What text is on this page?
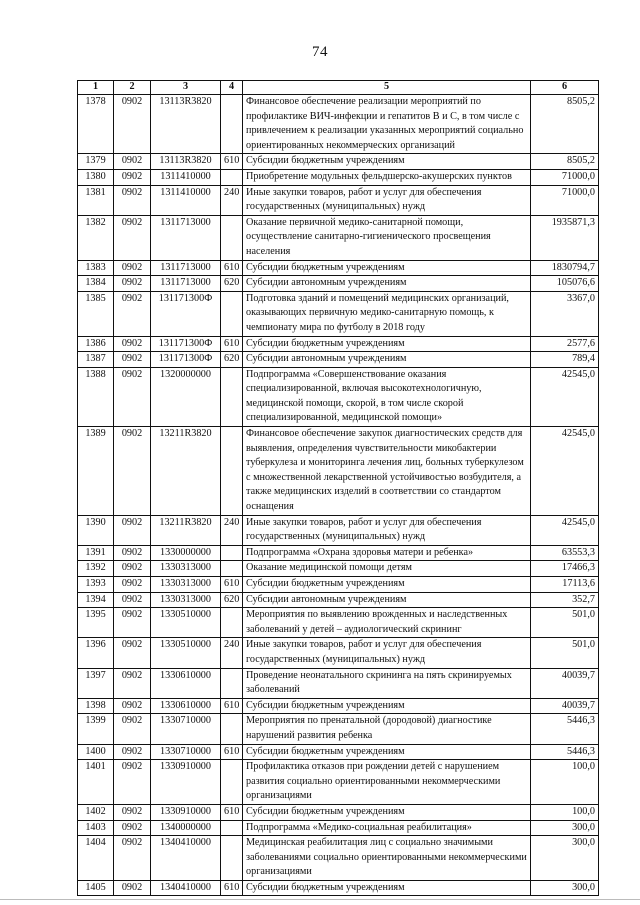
74
1	2	3	4	5	6
1378	0902	13113R3820		Финансовое обеспечение реализации мероприятий по профилактике ВИЧ-инфекции и гепатитов В и С, в том числе с привлечением к реализации указанных мероприятий социально ориентированных некоммерческих организаций	8505,2
1379	0902	13113R3820	610	Субсидии бюджетным учреждениям	8505,2
1380	0902	1311410000		Приобретение модульных фельдшерско-акушерских пунктов	71000,0
1381	0902	1311410000	240	Иные закупки товаров, работ и услуг для обеспечения государственных (муниципальных) нужд	71000,0
1382	0902	1311713000		Оказание первичной медико-санитарной помощи, осуществление санитарно-гигиенического просвещения населения	1935871,3
1383	0902	1311713000	610	Субсидии бюджетным учреждениям	1830794,7
1384	0902	1311713000	620	Субсидии автономным учреждениям	105076,6
1385	0902	131171300Ф		Подготовка зданий и помещений медицинских организаций, оказывающих первичную медико-санитарную помощь, к чемпионату мира по футболу в 2018 году	3367,0
1386	0902	131171300Ф	610	Субсидии бюджетным учреждениям	2577,6
1387	0902	131171300Ф	620	Субсидии автономным учреждениям	789,4
1388	0902	1320000000		Подпрограмма «Совершенствование оказания специализированной, включая высокотехнологичную, медицинской помощи, скорой, в том числе скорой специализированной, медицинской помощи»	42545,0
1389	0902	13211R3820		Финансовое обеспечение закупок диагностических средств для выявления, определения чувствительности микобактерии туберкулеза и мониторинга лечения лиц, больных туберкулезом с множественной лекарственной устойчивостью возбудителя, а также медицинских изделий в соответствии со стандартом оснащения	42545,0
1390	0902	13211R3820	240	Иные закупки товаров, работ и услуг для обеспечения государственных (муниципальных) нужд	42545,0
1391	0902	1330000000		Подпрограмма «Охрана здоровья матери и ребенка»	63553,3
1392	0902	1330313000		Оказание медицинской помощи детям	17466,3
1393	0902	1330313000	610	Субсидии бюджетным учреждениям	17113,6
1394	0902	1330313000	620	Субсидии автономным учреждениям	352,7
1395	0902	1330510000		Мероприятия по выявлению врожденных и наследственных заболеваний у детей – аудиологический скрининг	501,0
1396	0902	1330510000	240	Иные закупки товаров, работ и услуг для обеспечения государственных (муниципальных) нужд	501,0
1397	0902	1330610000		Проведение неонатального скрининга на пять скринируемых заболеваний	40039,7
1398	0902	1330610000	610	Субсидии бюджетным учреждениям	40039,7
1399	0902	1330710000		Мероприятия по пренатальной (дородовой) диагностике нарушений развития ребенка	5446,3
1400	0902	1330710000	610	Субсидии бюджетным учреждениям	5446,3
1401	0902	1330910000		Профилактика отказов при рождении детей с нарушением развития социально ориентированными некоммерческими организациями	100,0
1402	0902	1330910000	610	Субсидии бюджетным учреждениям	100,0
1403	0902	1340000000		Подпрограмма «Медико-социальная реабилитация»	300,0
1404	0902	1340410000		Медицинская реабилитация лиц с социально значимыми заболеваниями социально ориентированными некоммерческими организациями	300,0
1405	0902	1340410000	610	Субсидии бюджетным учреждениям	300,0
